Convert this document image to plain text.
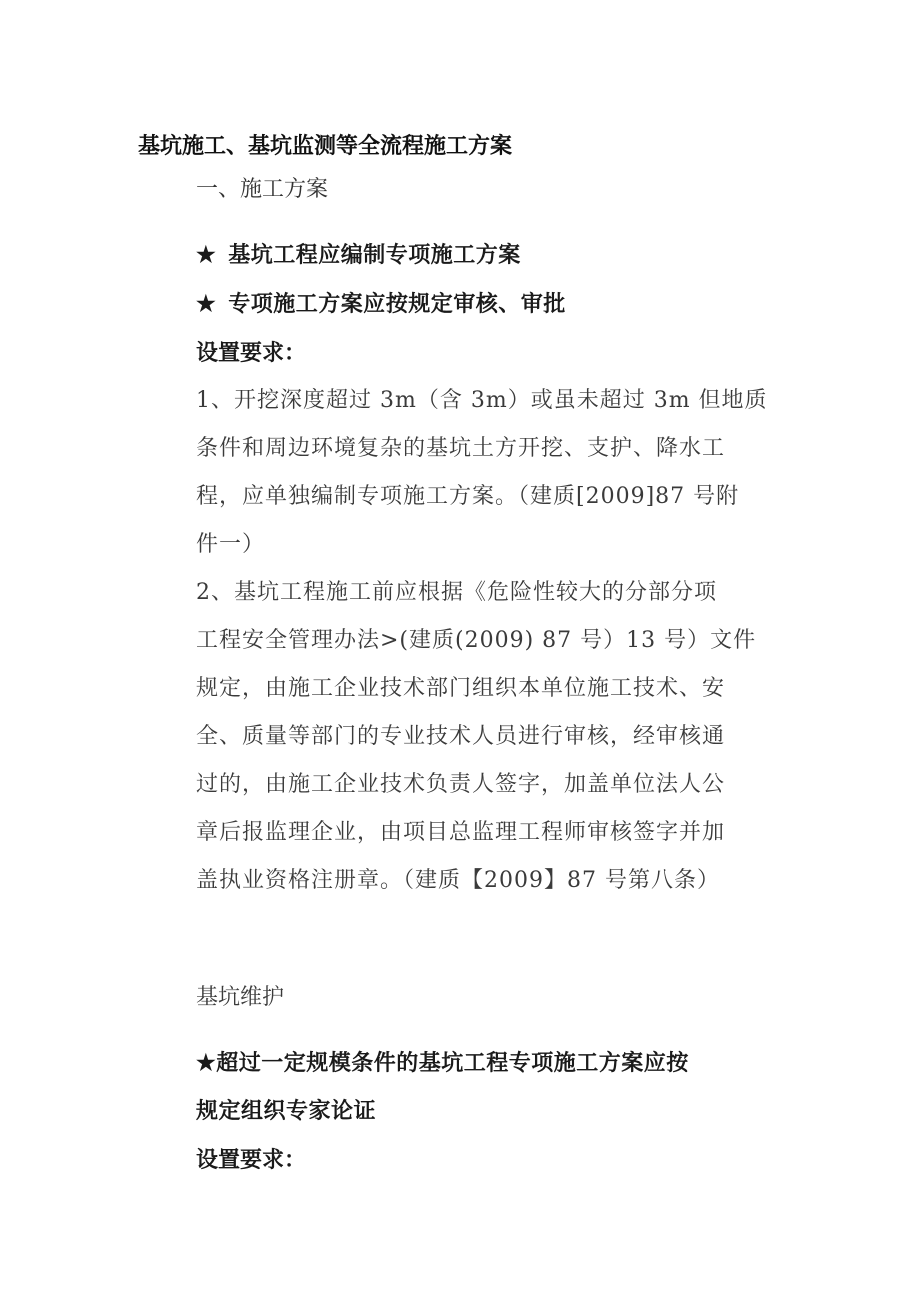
基坑施工、基坑监测等全流程施工方案
一、施工方案
★ 基坑工程应编制专项施工方案
★ 专项施工方案应按规定审核、审批
设置要求：
1、开挖深度超过 3m（含 3m）或虽未超过 3m 但地质
条件和周边环境复杂的基坑土方开挖、支护、降水工
程，应单独编制专项施工方案。（建质[2009]87 号附
件一）
2、基坑工程施工前应根据《危险性较大的分部分项
工程安全管理办法>(建质(2009) 87 号）13 号）文件
规定，由施工企业技术部门组织本单位施工技术、安
全、质量等部门的专业技术人员进行审核，经审核通
过的，由施工企业技术负责人签字，加盖单位法人公
章后报监理企业，由项目总监理工程师审核签字并加
盖执业资格注册章。（建质【2009】87 号第八条）
基坑维护
★超过一定规模条件的基坑工程专项施工方案应按
规定组织专家论证
设置要求：
